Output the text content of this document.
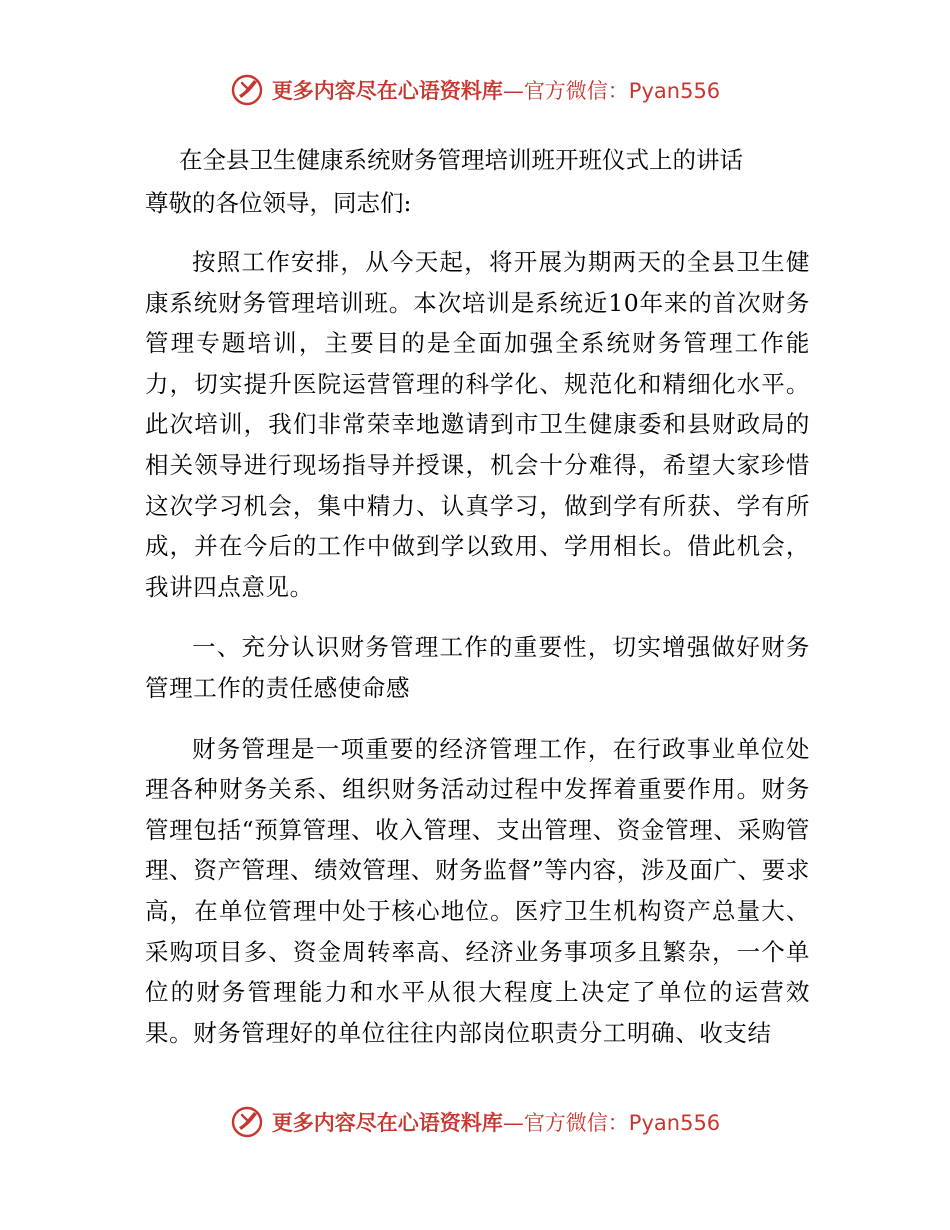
更多内容尽在心语资料库—官方微信：Pyan556
在全县卫生健康系统财务管理培训班开班仪式上的讲话

尊敬的各位领导，同志们:

按照工作安排，从今天起，将开展为期两天的全县卫生健康系统财务管理培训班。本次培训是系统近10年来的首次财务管理专题培训，主要目的是全面加强全系统财务管理工作能力，切实提升医院运营管理的科学化、规范化和精细化水平。此次培训，我们非常荣幸地邀请到市卫生健康委和县财政局的相关领导进行现场指导并授课，机会十分难得，希望大家珍惜这次学习机会，集中精力、认真学习，做到学有所获、学有所成，并在今后的工作中做到学以致用、学用相长。借此机会，我讲四点意见。

一、充分认识财务管理工作的重要性，切实增强做好财务管理工作的责任感使命感

财务管理是一项重要的经济管理工作，在行政事业单位处理各种财务关系、组织财务活动过程中发挥着重要作用。财务管理包括“预算管理、收入管理、支出管理、资金管理、采购管理、资产管理、绩效管理、财务监督”等内容，涉及面广、要求高，在单位管理中处于核心地位。医疗卫生机构资产总量大、采购项目多、资金周转率高、经济业务事项多且繁杂，一个单位的财务管理能力和水平从很大程度上决定了单位的运营效果。财务管理好的单位往往内部岗位职责分工明确、收支结

更多内容尽在心语资料库—官方微信：Pyan556
